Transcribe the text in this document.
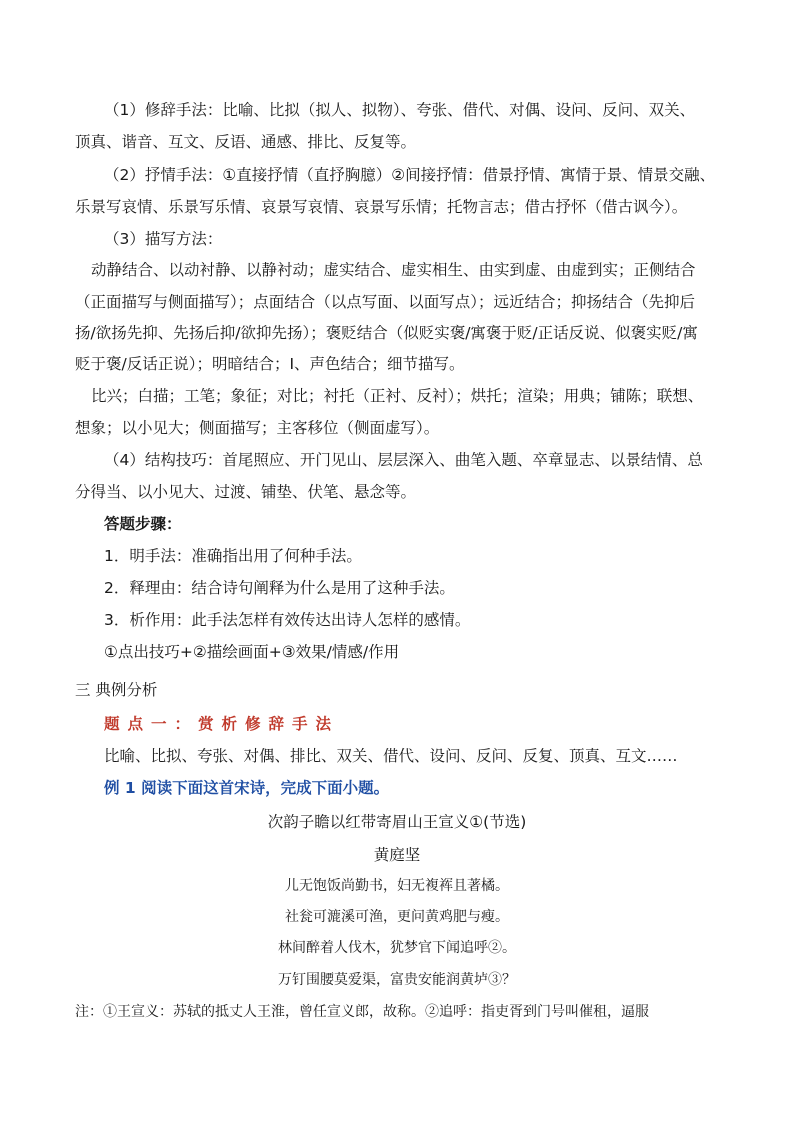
（1）修辞手法：比喻、比拟（拟人、拟物）、夸张、借代、对偶、设问、反问、双关、
顶真、谐音、互文、反语、通感、排比、反复等。
（2）抒情手法：①直接抒情（直抒胸臆）②间接抒情：借景抒情、寓情于景、情景交融、
乐景写哀情、乐景写乐情、哀景写哀情、哀景写乐情；托物言志；借古抒怀（借古讽今）。
（3）描写方法：
动静结合、以动衬静、以静衬动；虚实结合、虚实相生、由实到虚、由虚到实；正侧结合
（正面描写与侧面描写）；点面结合（以点写面、以面写点）；远近结合；抑扬结合（先抑后
扬/欲扬先抑、先扬后抑/欲抑先扬）；褒贬结合（似贬实褒/寓褒于贬/正话反说、似褒实贬/寓
贬于褒/反话正说）；明暗结合；I、声色结合；细节描写。
比兴；白描；工笔；象征；对比；衬托（正衬、反衬）；烘托；渲染；用典；铺陈；联想、
想象；以小见大；侧面描写；主客移位（侧面虚写）。
（4）结构技巧：首尾照应、开门见山、层层深入、曲笔入题、卒章显志、以景结情、总
分得当、以小见大、过渡、铺垫、伏笔、悬念等。
答题步骤：
1．明手法：准确指出用了何种手法。
2．释理由：结合诗句阐释为什么是用了这种手法。
3．析作用：此手法怎样有效传达出诗人怎样的感情。
①点出技巧+②描绘画面+③效果/情感/作用
三 典例分析
题点一：赏析修辞手法
比喻、比拟、夸张、对偶、排比、双关、借代、设问、反问、反复、顶真、互文……
例 1 阅读下面这首宋诗，完成下面小题。
次韵子瞻以红带寄眉山王宣义①(节选)
黄庭坚
儿无饱饭尚勤书，妇无複裈且著橘。
社瓮可漉溪可渔，更问黄鸡肥与瘦。
林间醉着人伐木，犹梦官下闻追呼②。
万钉围腰莫爱渠，富贵安能润黄垆③？
注：①王宣义：苏轼的抵丈人王淮，曾任宣义郎，故称。②追呼：指吏胥到门号叫催租，逼服
